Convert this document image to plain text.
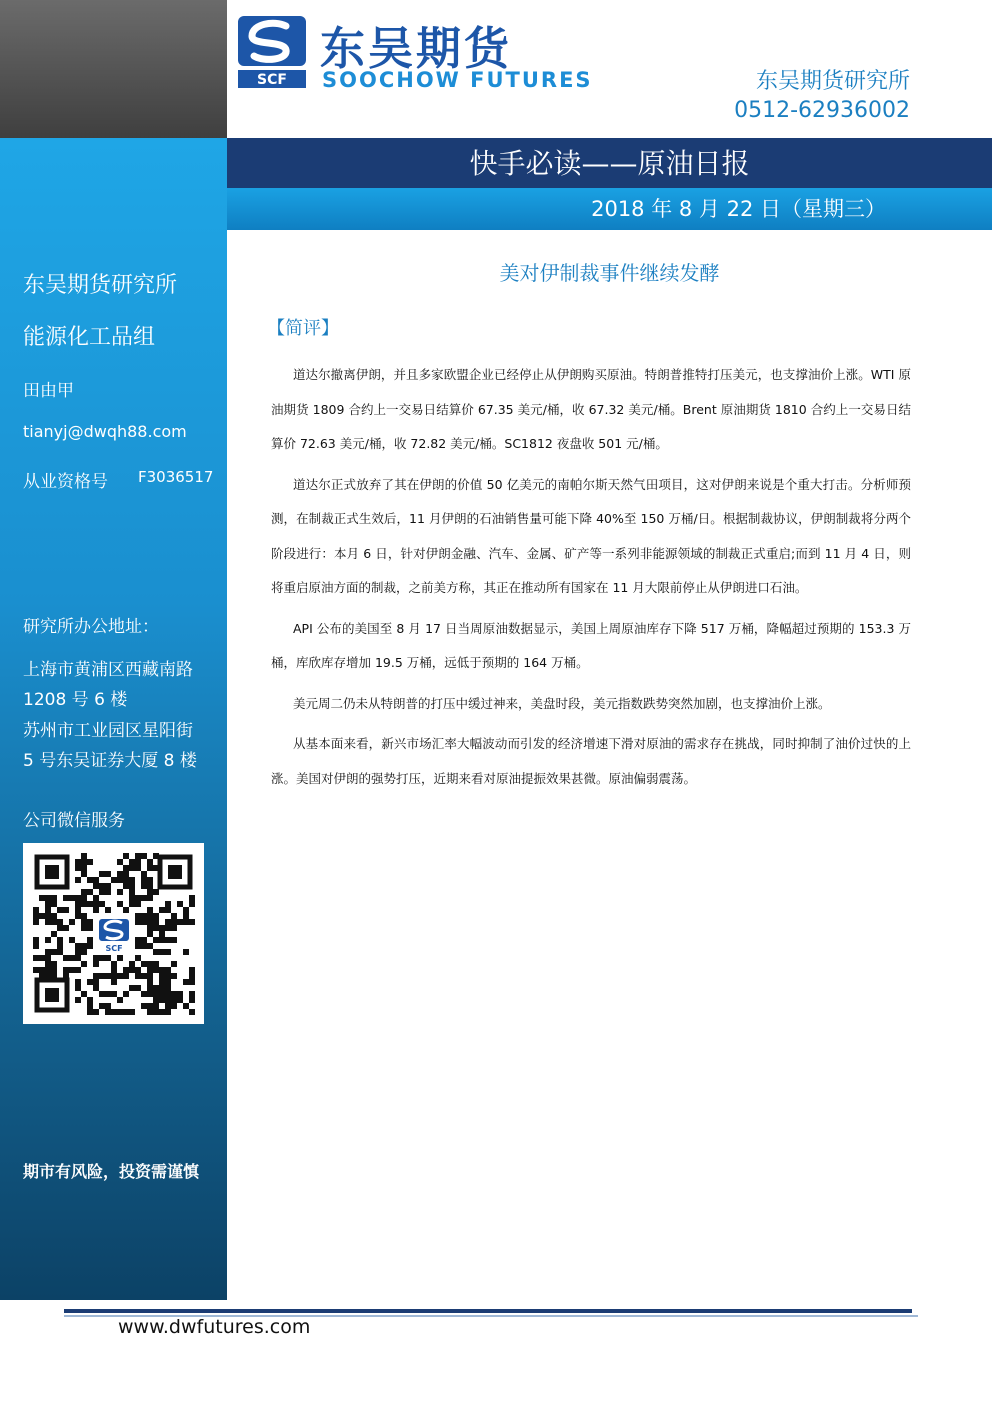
SCF
东吴期货
SOOCHOW FUTURES	东吴期货研究所
0512-62936002
快手必读——原油日报
2018 年 8 月 22 日（星期三）
东吴期货研究所
能源化工品组
田由甲
tianyj@dwqh88.com
从业资格号 F3036517
研究所办公地址：
上海市黄浦区西藏南路
1208 号 6 楼
苏州市工业园区星阳街
5 号东吴证券大厦 8 楼
公司微信服务
期市有风险，投资需谨慎
SCF
美对伊制裁事件继续发酵
【简评】

道达尔撤离伊朗，并且多家欧盟企业已经停止从伊朗购买原油。特朗普推特打压美元，也支撑油价上涨。WTI 原油期货 1809 合约上一交易日结算价 67.35 美元/桶，收 67.32 美元/桶。Brent 原油期货 1810 合约上一交易日结算价 72.63 美元/桶，收 72.82 美元/桶。SC1812 夜盘收 501 元/桶。

道达尔正式放弃了其在伊朗的价值 50 亿美元的南帕尔斯天然气田项目，这对伊朗来说是个重大打击。分析师预测，在制裁正式生效后，11 月伊朗的石油销售量可能下降 40%至 150 万桶/日。根据制裁协议，伊朗制裁将分两个阶段进行：本月 6 日，针对伊朗金融、汽车、金属、矿产等一系列非能源领域的制裁正式重启;而到 11 月 4 日，则将重启原油方面的制裁，之前美方称，其正在推动所有国家在 11 月大限前停止从伊朗进口石油。

API 公布的美国至 8 月 17 日当周原油数据显示，美国上周原油库存下降 517 万桶，降幅超过预期的 153.3 万桶，库欣库存增加 19.5 万桶，远低于预期的 164 万桶。

美元周二仍未从特朗普的打压中缓过神来，美盘时段，美元指数跌势突然加剧，也支撑油价上涨。

从基本面来看，新兴市场汇率大幅波动而引发的经济增速下滑对原油的需求存在挑战，同时抑制了油价过快的上涨。美国对伊朗的强势打压，近期来看对原油提振效果甚微。原油偏弱震荡。

www.dwfutures.com
